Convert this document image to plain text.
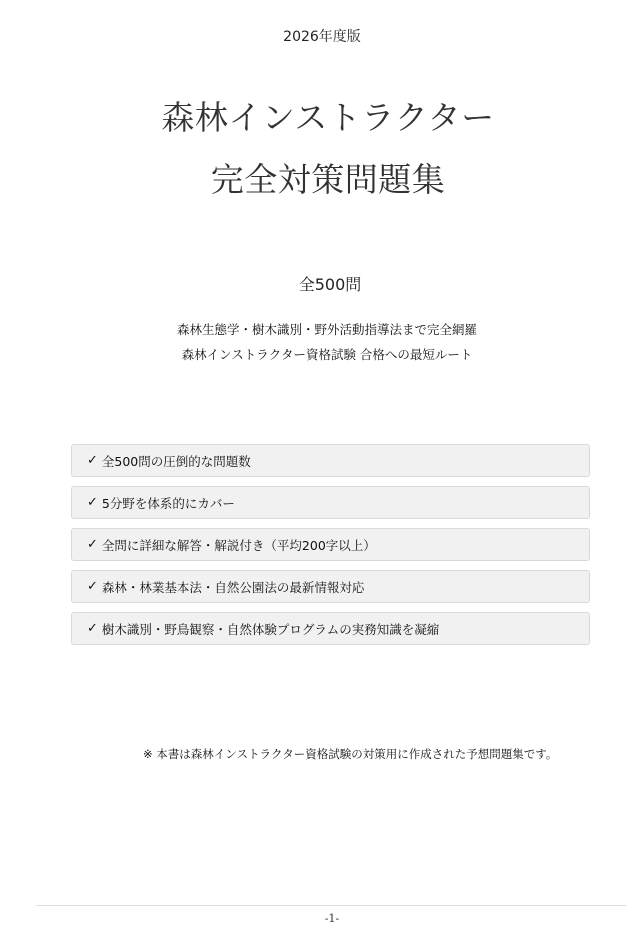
2026年度版
森林インストラクター
完全対策問題集
全500問
森林生態学・樹木識別・野外活動指導法まで完全網羅
森林インストラクター資格試験 合格への最短ルート
✓ 全500問の圧倒的な問題数
✓ 5分野を体系的にカバー
✓ 全問に詳細な解答・解説付き（平均200字以上）
✓ 森林・林業基本法・自然公園法の最新情報対応
✓ 樹木識別・野鳥観察・自然体験プログラムの実務知識を凝縮
※ 本書は森林インストラクター資格試験の対策用に作成された予想問題集です。
-1-
